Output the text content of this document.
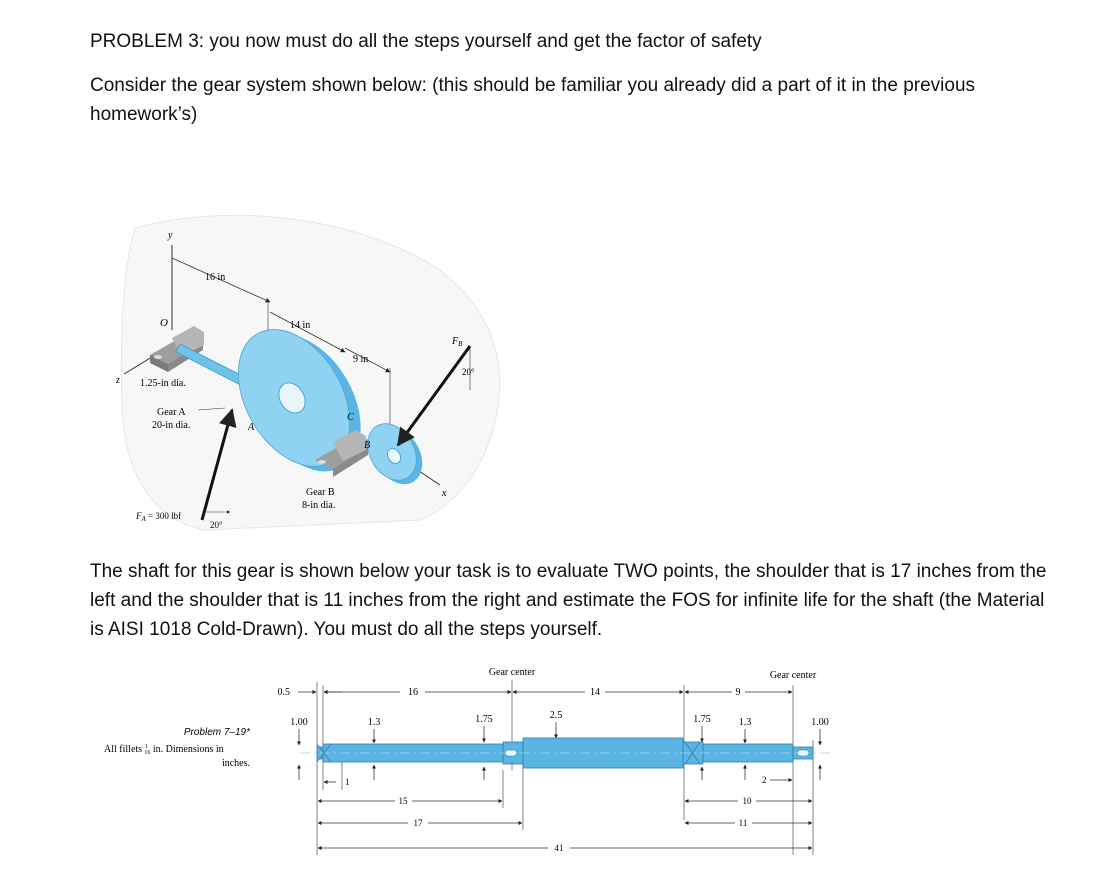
PROBLEM 3: you now must do all the steps yourself and get the factor of safety

Consider the gear system shown below: (this should be familiar you already did a part of it in the previous homework’s)

y
z
x
O
16 in
14 in
9 in
A
C
B
$F_B$
20°
$F_A = 300$ lbf
20°
1.25-in dia.
Gear A
20-in dia.
Gear B
8-in dia.

The shaft for this gear is shown below your task is to evaluate TWO points, the shoulder that is 17 inches from the left and the shoulder that is 11 inches from the right and estimate the FOS for infinite life for the shaft (the Material is AISI 1018 Cold-Drawn). You must do all the steps yourself.

Problem 7–19*
All fillets $^1$ 16 in. Dimensions in
inches.
Gear center	Gear center
0.5	16	14	9
1.00	1.3	1.75	2.5	1.75	1.3	1.00
1	2
15	10
17	11
41
